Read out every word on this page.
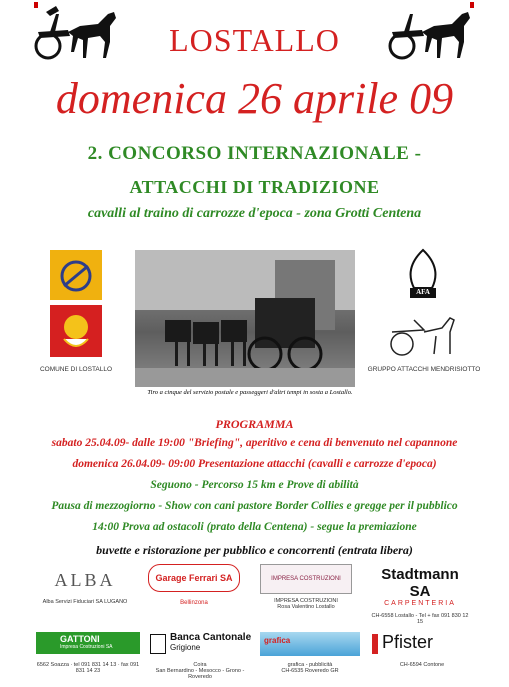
LOSTALLO
domenica 26 aprile 09
2. CONCORSO INTERNAZIONALE -
ATTACCHI DI TRADIZIONE
cavalli al traino di carrozze d'epoca - zona Grotti Centena
COMUNE DI LOSTALLO
Tiro a cinque del servizio postale e passeggeri d'altri tempi in sosta a Lostallo.
AFA
GRUPPO ATTACCHI MENDRISIOTTO
PROGRAMMA
sabato 25.04.09- dalle 19:00 "Briefing", aperitivo e cena di benvenuto nel capannone
domenica 26.04.09- 09:00 Presentazione attacchi (cavalli e carrozze d'epoca)
Seguono - Percorso 15 km e Prove di abilità
Pausa di mezzogiorno - Show con cani pastore Border Collies e gregge per il pubblico
14:00 Prova ad ostacoli (prato della Centena) - segue la premiazione
buvette e ristorazione per pubblico e concorrenti (entrata libera)
ALBA
Alba Servizi Fiduciari SA LUGANO
Garage Ferrari SA
Bellinzona
IMPRESA COSTRUZIONI
IMPRESA COSTRUZIONI
Rosa Valentino Lostallo
Stadtmann SA
CARPENTERIA
CH-6558 Lostallo - Tel + fax 091 830 12 15
GATTONI
Impresa Costruzioni SA
6562 Soazza · tel 091 831 14 13 · fax 091 831 14 23
Banca Cantonale
Grigione
Coira
San Bernardino - Mesocco - Grono - Roveredo
grafica
grafica - pubblicità
CH-6535 Roveredo GR
Pfister
CH-6594 Contone
